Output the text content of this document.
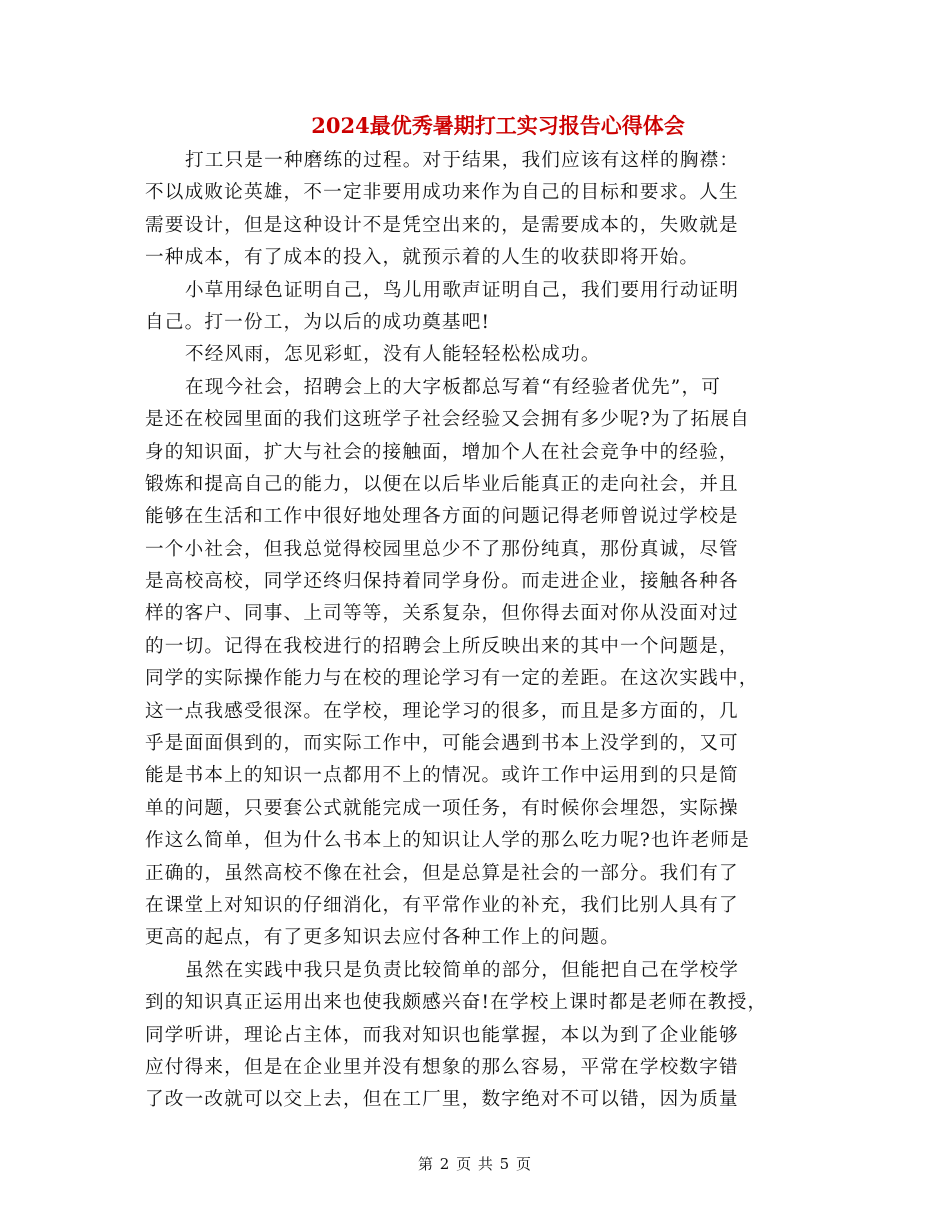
2024最优秀暑期打工实习报告心得体会
打工只是一种磨练的过程。对于结果，我们应该有这样的胸襟：
不以成败论英雄，不一定非要用成功来作为自己的目标和要求。人生
需要设计，但是这种设计不是凭空出来的，是需要成本的，失败就是
一种成本，有了成本的投入，就预示着的人生的收获即将开始。
小草用绿色证明自己，鸟儿用歌声证明自己，我们要用行动证明
自己。打一份工，为以后的成功奠基吧!
不经风雨，怎见彩虹，没有人能轻轻松松成功。
在现今社会，招聘会上的大字板都总写着“有经验者优先”，可
是还在校园里面的我们这班学子社会经验又会拥有多少呢?为了拓展自
身的知识面，扩大与社会的接触面，增加个人在社会竞争中的经验，
锻炼和提高自己的能力，以便在以后毕业后能真正的走向社会，并且
能够在生活和工作中很好地处理各方面的问题记得老师曾说过学校是
一个小社会，但我总觉得校园里总少不了那份纯真，那份真诚，尽管
是高校高校，同学还终归保持着同学身份。而走进企业，接触各种各
样的客户、同事、上司等等，关系复杂，但你得去面对你从没面对过
的一切。记得在我校进行的招聘会上所反映出来的其中一个问题是，
同学的实际操作能力与在校的理论学习有一定的差距。在这次实践中，
这一点我感受很深。在学校，理论学习的很多，而且是多方面的，几
乎是面面俱到的，而实际工作中，可能会遇到书本上没学到的，又可
能是书本上的知识一点都用不上的情况。或许工作中运用到的只是简
单的问题，只要套公式就能完成一项任务，有时候你会埋怨，实际操
作这么简单，但为什么书本上的知识让人学的那么吃力呢?也许老师是
正确的，虽然高校不像在社会，但是总算是社会的一部分。我们有了
在课堂上对知识的仔细消化，有平常作业的补充，我们比别人具有了
更高的起点，有了更多知识去应付各种工作上的问题。
虽然在实践中我只是负责比较简单的部分，但能把自己在学校学
到的知识真正运用出来也使我颇感兴奋!在学校上课时都是老师在教授，
同学听讲，理论占主体，而我对知识也能掌握，本以为到了企业能够
应付得来，但是在企业里并没有想象的那么容易，平常在学校数字错
了改一改就可以交上去，但在工厂里，数字绝对不可以错，因为质量
第 2 页 共 5 页
